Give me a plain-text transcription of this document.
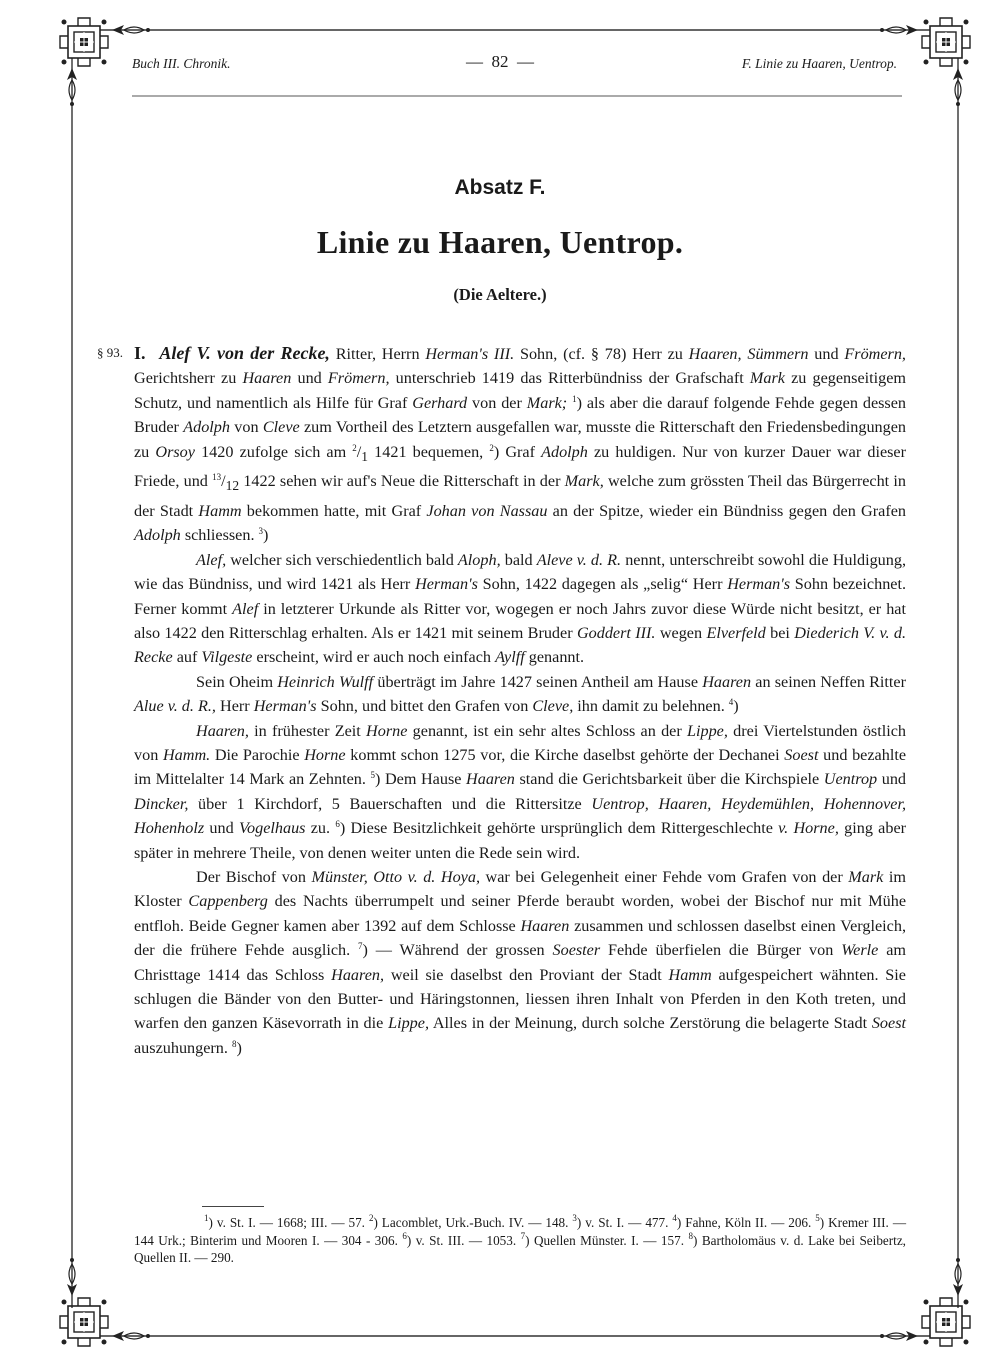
Buch III. Chronik.	—  82  —	F. Linie zu Haaren, Uentrop.
Absatz F.
Linie zu Haaren, Uentrop.
(Die Aeltere.)
§ 93. I. Alef V. von der Recke, Ritter, Herrn Herman's III. Sohn, (cf. § 78) Herr zu Haaren, Sümmern und Frömern, Gerichtsherr zu Haaren und Frömern, unterschrieb 1419 das Ritterbündniss der Grafschaft Mark zu gegenseitigem Schutz, und namentlich als Hilfe für Graf Gerhard von der Mark; $^1$) als aber die darauf folgende Fehde gegen dessen Bruder Adolph von Cleve zum Vortheil des Letztern ausgefallen war, musste die Ritterschaft den Friedensbedingungen zu Orsoy 1420 zufolge sich am $^2/_1$ 1421 bequemen, $^2$) Graf Adolph zu huldigen. Nur von kurzer Dauer war dieser Friede, und $^{13}/_{12}$ 1422 sehen wir auf's Neue die Ritterschaft in der Mark, welche zum grössten Theil das Bürgerrecht in der Stadt Hamm bekommen hatte, mit Graf Johan von Nassau an der Spitze, wieder ein Bündniss gegen den Grafen Adolph schliessen. $^3$)

Alef, welcher sich verschiedentlich bald Aloph, bald Aleve v. d. R. nennt, unterschreibt sowohl die Huldigung, wie das Bündniss, und wird 1421 als Herr Herman's Sohn, 1422 dagegen als „selig“ Herr Herman's Sohn bezeichnet. Ferner kommt Alef in letzterer Urkunde als Ritter vor, wogegen er noch Jahrs zuvor diese Würde nicht besitzt, er hat also 1422 den Ritterschlag erhalten. Als er 1421 mit seinem Bruder Goddert III. wegen Elverfeld bei Diederich V. v. d. Recke auf Vilgeste erscheint, wird er auch noch einfach Aylff genannt.

Sein Oheim Heinrich Wulff überträgt im Jahre 1427 seinen Antheil am Hause Haaren an seinen Neffen Ritter Alue v. d. R., Herr Herman's Sohn, und bittet den Grafen von Cleve, ihn damit zu belehnen. $^4$)

Haaren, in frühester Zeit Horne genannt, ist ein sehr altes Schloss an der Lippe, drei Viertelstunden östlich von Hamm. Die Parochie Horne kommt schon 1275 vor, die Kirche daselbst gehörte der Dechanei Soest und bezahlte im Mittelalter 14 Mark an Zehnten. $^5$) Dem Hause Haaren stand die Gerichtsbarkeit über die Kirchspiele Uentrop und Dincker, über 1 Kirchdorf, 5 Bauerschaften und die Rittersitze Uentrop, Haaren, Heydemühlen, Hohennover, Hohenholz und Vogelhaus zu. $^6$) Diese Besitzlichkeit gehörte ursprünglich dem Rittergeschlechte v. Horne, ging aber später in mehrere Theile, von denen weiter unten die Rede sein wird.

Der Bischof von Münster, Otto v. d. Hoya, war bei Gelegenheit einer Fehde vom Grafen von der Mark im Kloster Cappenberg des Nachts überrumpelt und seiner Pferde beraubt worden, wobei der Bischof nur mit Mühe entfloh. Beide Gegner kamen aber 1392 auf dem Schlosse Haaren zusammen und schlossen daselbst einen Vergleich, der die frühere Fehde ausglich. $^7$) — Während der grossen Soester Fehde überfielen die Bürger von Werle am Christtage 1414 das Schloss Haaren, weil sie daselbst den Proviant der Stadt Hamm aufgespeichert wähnten. Sie schlugen die Bänder von den Butter- und Häringstonnen, liessen ihren Inhalt von Pferden in den Koth treten, und warfen den ganzen Käsevorrath in die Lippe, Alles in der Meinung, durch solche Zerstörung die belagerte Stadt Soest auszuhungern. $^8$)

$^1$) v. St. I. — 1668; III. — 57. $^2$) Lacomblet, Urk.-Buch. IV. — 148. $^3$) v. St. I. — 477. $^4$) Fahne, Köln II. — 206. $^5$) Kremer III. — 144 Urk.; Binterim und Mooren I. — 304 - 306. $^6$) v. St. III. — 1053. $^7$) Quellen Münster. I. — 157. $^8$) Bartholomäus v. d. Lake bei Seibertz, Quellen II. — 290.
